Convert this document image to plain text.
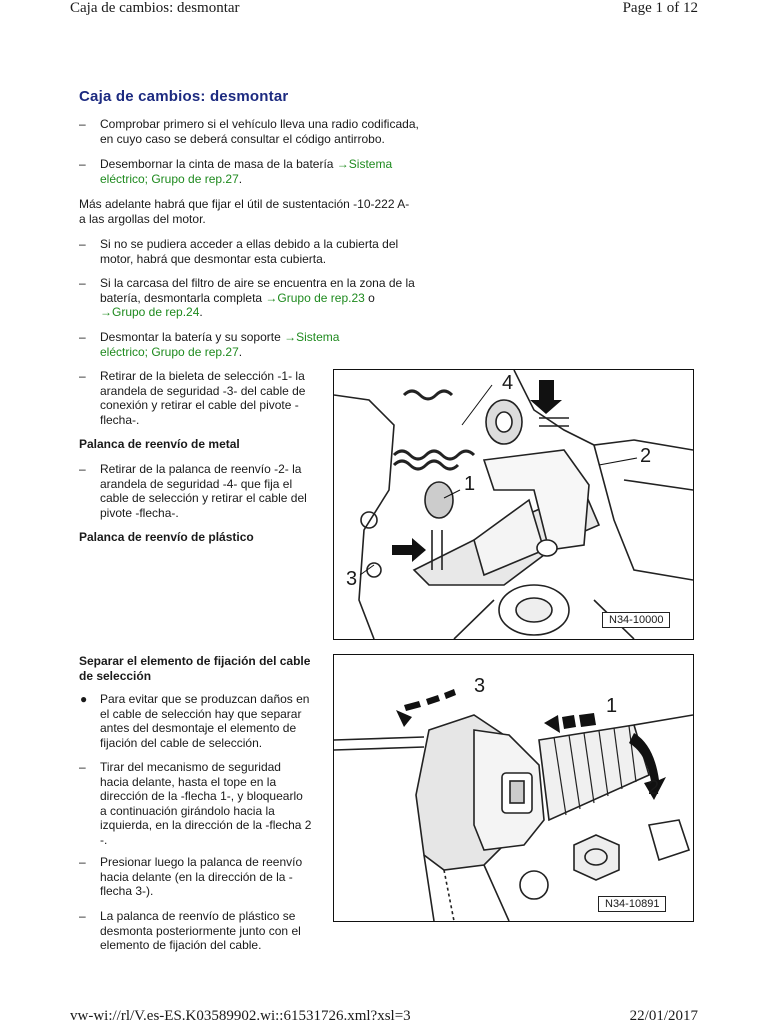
Caja de cambios: desmontar	Page 1 of 12
vw-wi://rl/V.es-ES.K03589902.wi::61531726.xml?xsl=3	22/01/2017
Caja de cambios: desmontar
– Comprobar primero si el vehículo lleva una radio codificada,
en cuyo caso se deberá consultar el código antirrobo.
– Desembornar la cinta de masa de la batería →Sistema
eléctrico; Grupo de rep.27.
Más adelante habrá que fijar el útil de sustentación -10-222 A-
a las argollas del motor.
– Si no se pudiera acceder a ellas debido a la cubierta del
motor, habrá que desmontar esta cubierta.
– Si la carcasa del filtro de aire se encuentra en la zona de la
batería, desmontarla completa →Grupo de rep.23 o
→Grupo de rep.24.
– Desmontar la batería y su soporte →Sistema
eléctrico; Grupo de rep.27.
– Retirar de la bieleta de selección -1- la
arandela de seguridad -3- del cable de
conexión y retirar el cable del pivote -
flecha-.
Palanca de reenvío de metal
– Retirar de la palanca de reenvío -2- la
arandela de seguridad -4- que fija el
cable de selección y retirar el cable del
pivote -flecha-.
Palanca de reenvío de plástico
4
2
1
3
N34-10000
Separar el elemento de fijación del cable
de selección
● Para evitar que se produzcan daños en
el cable de selección hay que separar
antes del desmontaje el elemento de
fijación del cable de selección.
– Tirar del mecanismo de seguridad
hacia delante, hasta el tope en la
dirección de la -flecha 1-, y bloquearlo
a continuación girándolo hacia la
izquierda, en la dirección de la -flecha 2
-.
– Presionar luego la palanca de reenvío
hacia delante (en la dirección de la -
flecha 3-).
– La palanca de reenvío de plástico se
desmonta posteriormente junto con el
elemento de fijación del cable.
3
1
2
N34-10891
